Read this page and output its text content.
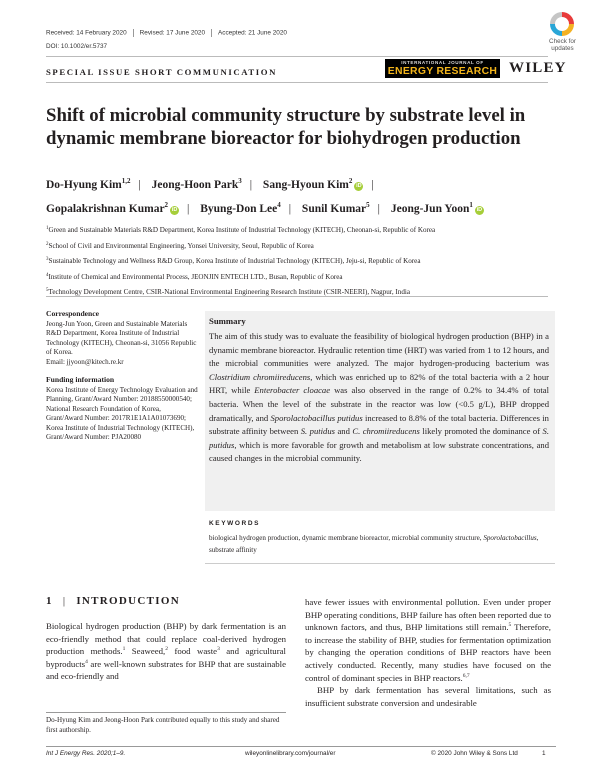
Received: 14 February 2020 Revised: 17 June 2020 Accepted: 21 June 2020
DOI: 10.1002/er.5737
Check for updates
SPECIAL ISSUE SHORT COMMUNICATION
INTERNATIONAL JOURNAL OF
ENERGY RESEARCH WILEY
Shift of microbial community structure by substrate level in dynamic membrane bioreactor for biohydrogen production
Do-Hyung Kim$^{1,2}$ | Jeong-Hoon Park$^3$ | Sang-Hyoun Kim$^2$iD |
Gopalakrishnan Kumar$^2$iD | Byung-Don Lee$^4$ | Sunil Kumar$^5$ | Jeong-Jun Yoon$^1$iD
$^1$Green and Sustainable Materials R&D Department, Korea Institute of Industrial Technology (KITECH), Cheonan-si, Republic of Korea
$^2$School of Civil and Environmental Engineering, Yonsei University, Seoul, Republic of Korea
$^3$Sustainable Technology and Wellness R&D Group, Korea Institute of Industrial Technology (KITECH), Jeju-si, Republic of Korea
$^4$Institute of Chemical and Environmental Process, JEONJIN ENTECH LTD., Busan, Republic of Korea
$^5$Technology Development Centre, CSIR-National Environmental Engineering Research Institute (CSIR-NEERI), Nagpur, India
Correspondence
Jeong-Jun Yoon, Green and Sustainable Materials R&D Department, Korea Institute of Industrial Technology (KITECH), Cheonan-si, 31056 Republic of Korea.
Email: jjyoon@kitech.re.kr
Funding information
Korea Institute of Energy Technology Evaluation and Planning, Grant/Award Number: 20188550000540; National Research Foundation of Korea, Grant/Award Number: 2017R1E1A1A01073690; Korea Institute of Industrial Technology (KITECH), Grant/Award Number: PJA20080
Summary
The aim of this study was to evaluate the feasibility of biological hydrogen production (BHP) in a dynamic membrane bioreactor. Hydraulic retention time (HRT) was varied from 1 to 12 hours, and the microbial communities were analyzed. The major hydrogen-producing bacterium was Clostridium chromiireducens, which was enriched up to 82% of the total bacteria with a 2 hour HRT, while Enterobacter cloacae was also observed in the range of 0.2% to 34.4% of total bacteria. When the level of the substrate in the reactor was low (<0.5 g/L), BHP dropped dramatically, and Sporolactobacillus putidus increased to 8.8% of the total bacteria. Differences in substrate affinity between S. putidus and C. chromiireducens likely promoted the dominance of S. putidus, which is more favorable for growth and metabolism at low substrate concentrations, and caused changes in the microbial community.
KEYWORDS
biological hydrogen production, dynamic membrane bioreactor, microbial community structure, Sporolactobacillus, substrate affinity
1 | INTRODUCTION
Biological hydrogen production (BHP) by dark fermentation is an eco-friendly method that could replace coal-derived hydrogen production methods.$^1$ Seaweed,$^2$ food waste$^3$ and agricultural byproducts$^4$ are well-known substrates for BHP that are sustainable and eco-friendly and
have fewer issues with environmental pollution. Even under proper BHP operating conditions, BHP failure has often been reported due to unknown factors, and thus, BHP limitations still remain.$^5$ Therefore, to increase the stability of BHP, studies for fermentation optimization by changing the operation conditions of BHP reactors have been actively conducted. Recently, many studies have focused on the control of dominant species in BHP reactors.$^{6,7}$
BHP by dark fermentation has several limitations, such as insufficient substrate conversion and undesirable
Do-Hyung Kim and Jeong-Hoon Park contributed equally to this study and shared first authorship.
Int J Energy Res. 2020;1–9.	wileyonlinelibrary.com/journal/er	© 2020 John Wiley & Sons Ltd	1
